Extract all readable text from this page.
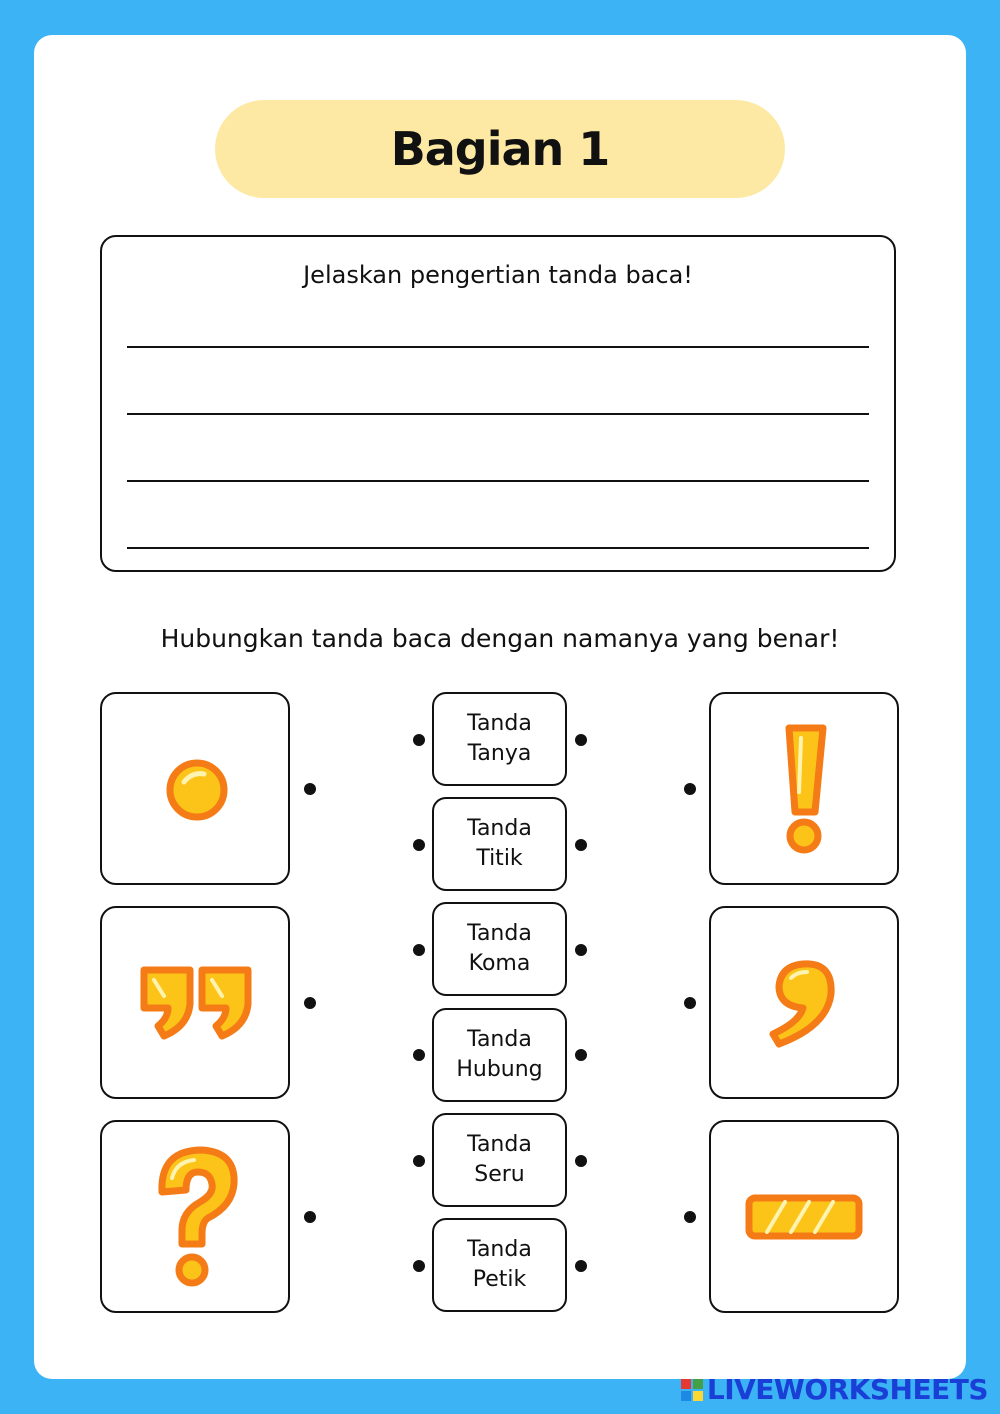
Bagian 1
Jelaskan pengertian tanda baca!
Hubungkan tanda baca dengan namanya yang benar!
Tanda
Tanya
Tanda
Titik
Tanda
Koma
Tanda
Hubung
Tanda
Seru
Tanda
Petik
LIVEWORKSHEETS
